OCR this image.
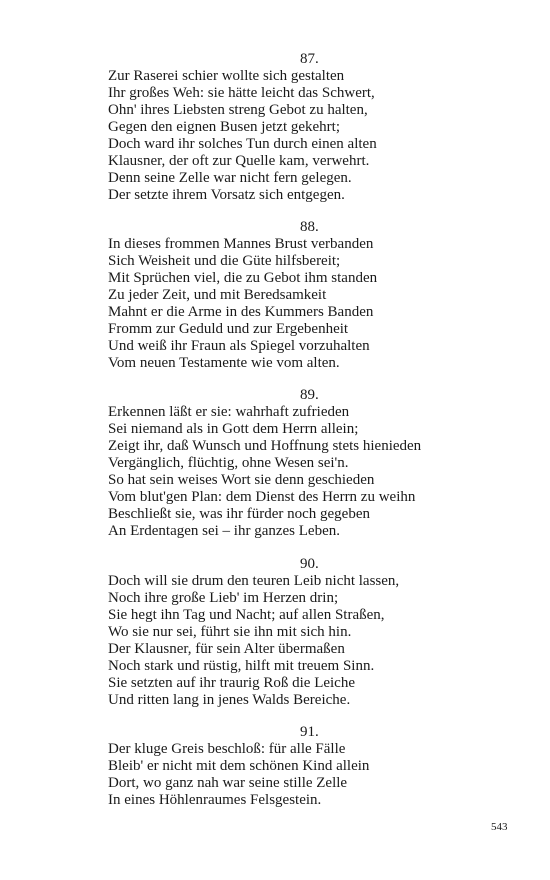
87.
Zur Raserei schier wollte sich gestalten
Ihr großes Weh: sie hätte leicht das Schwert,
Ohn' ihres Liebsten streng Gebot zu halten,
Gegen den eignen Busen jetzt gekehrt;
Doch ward ihr solches Tun durch einen alten
Klausner, der oft zur Quelle kam, verwehrt.
Denn seine Zelle war nicht fern gelegen.
Der setzte ihrem Vorsatz sich entgegen.
88.
In dieses frommen Mannes Brust verbanden
Sich Weisheit und die Güte hilfsbereit;
Mit Sprüchen viel, die zu Gebot ihm standen
Zu jeder Zeit, und mit Beredsamkeit
Mahnt er die Arme in des Kummers Banden
Fromm zur Geduld und zur Ergebenheit
Und weiß ihr Fraun als Spiegel vorzuhalten
Vom neuen Testamente wie vom alten.
89.
Erkennen läßt er sie: wahrhaft zufrieden
Sei niemand als in Gott dem Herrn allein;
Zeigt ihr, daß Wunsch und Hoffnung stets hienieden
Vergänglich, flüchtig, ohne Wesen sei'n.
So hat sein weises Wort sie denn geschieden
Vom blut'gen Plan: dem Dienst des Herrn zu weihn
Beschließt sie, was ihr fürder noch gegeben
An Erdentagen sei – ihr ganzes Leben.
90.
Doch will sie drum den teuren Leib nicht lassen,
Noch ihre große Lieb' im Herzen drin;
Sie hegt ihn Tag und Nacht; auf allen Straßen,
Wo sie nur sei, führt sie ihn mit sich hin.
Der Klausner, für sein Alter übermaßen
Noch stark und rüstig, hilft mit treuem Sinn.
Sie setzten auf ihr traurig Roß die Leiche
Und ritten lang in jenes Walds Bereiche.
91.
Der kluge Greis beschloß: für alle Fälle
Bleib' er nicht mit dem schönen Kind allein
Dort, wo ganz nah war seine stille Zelle
In eines Höhlenraumes Felsgestein.
543
